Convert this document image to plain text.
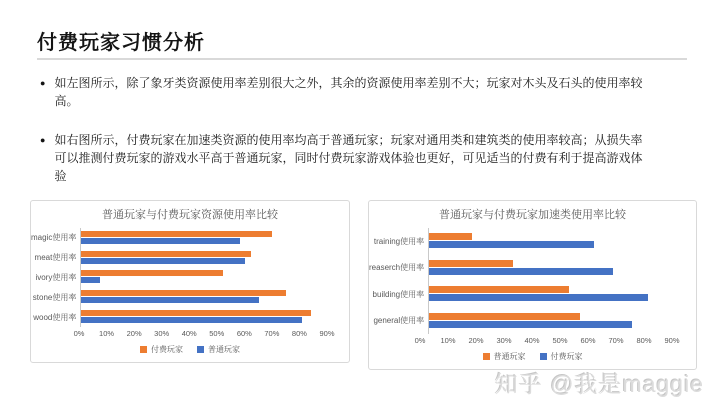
付费玩家习惯分析
● 如左图所示，除了象牙类资源使用率差别很大之外，其余的资源使用率差别不大；玩家对木头及石头的使用率较高。
● 如右图所示，付费玩家在加速类资源的使用率均高于普通玩家；玩家对通用类和建筑类的使用率较高；从损失率可以推测付费玩家的游戏水平高于普通玩家，同时付费玩家游戏体验也更好，可见适当的付费有利于提高游戏体验
普通玩家与付费玩家资源使用率比较
magic使用率
meat使用率
ivory使用率
stone使用率
wood使用率
0% 10% 20% 30% 40% 50% 60% 70% 80% 90%
付费玩家	普通玩家
普通玩家与付费玩家加速类使用率比较
training使用率
reaserch使用率
building使用率
general使用率
0% 10% 20% 30% 40% 50% 60% 70% 80% 90%
普通玩家	付费玩家
知乎 @我是maggie
